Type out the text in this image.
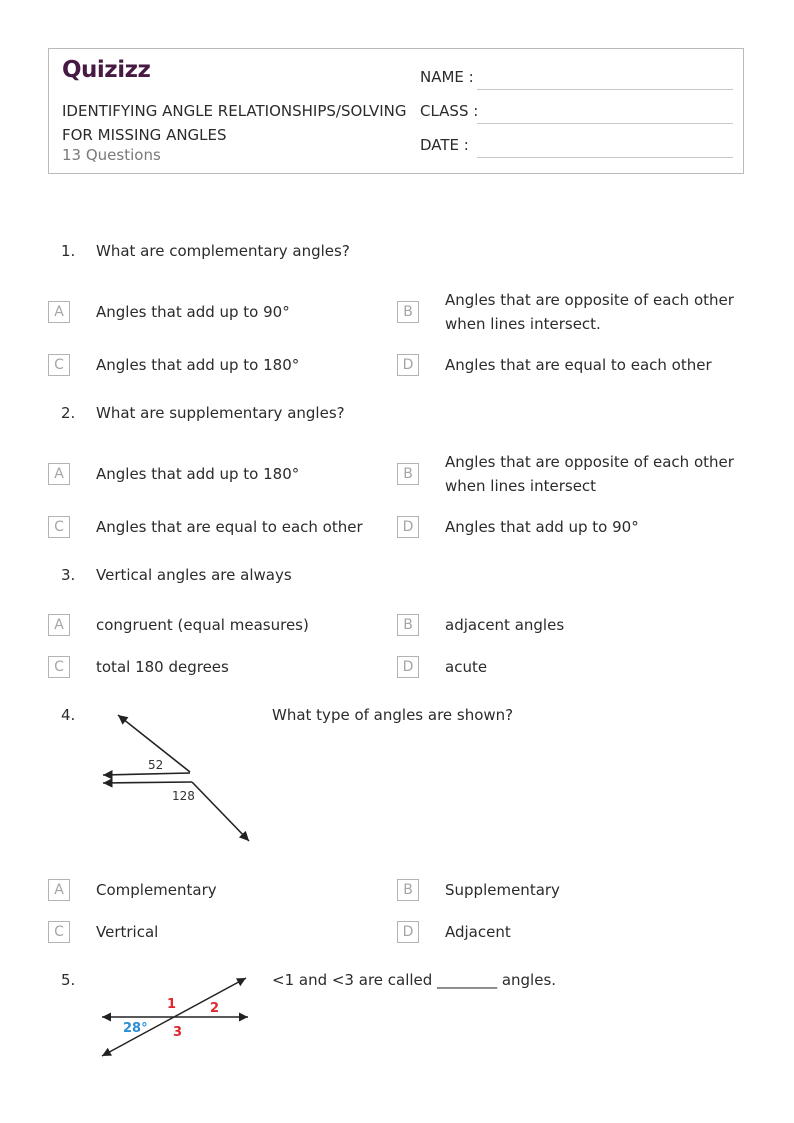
Quizizz
IDENTIFYING ANGLE RELATIONSHIPS/SOLVING FOR MISSING ANGLES
13 Questions
NAME :
CLASS :
DATE :
1. What are complementary angles?
A	Angles that add up to 90°	B
Angles that are opposite of each other when lines intersect.
C	Angles that add up to 180°	D	Angles that are equal to each other
2. What are supplementary angles?
A	Angles that add up to 180°	B
Angles that are opposite of each other when lines intersect
C	Angles that are equal to each other	D	Angles that add up to 90°
3. Vertical angles are always
A	congruent (equal measures)	B	adjacent angles
C	total 180 degrees	D	acute
4.
52
128
What type of angles are shown?
A	Complementary	B	Supplementary
C	Vertrical	D	Adjacent
5.
1	2
28° 3
<1 and <3 are called ________ angles.
